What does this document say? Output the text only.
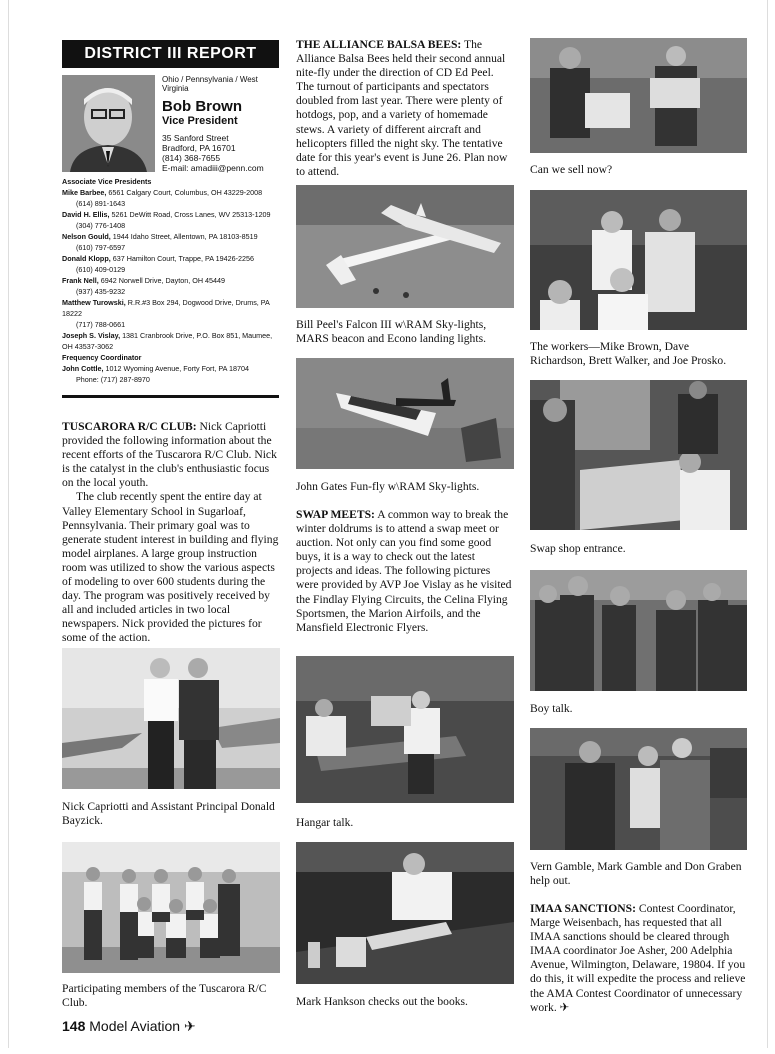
DISTRICT III REPORT
Ohio / Pennsylvania / West Virginia
Bob Brown
Vice President
35 Sanford Street
Bradford, PA 16701
(814) 368-7655
E-mail: amadiii@penn.com
Associate Vice Presidents
Mike Barbee, 6561 Calgary Court, Columbus, OH 43229-2008
(614) 891-1643
David H. Ellis, 5261 DeWitt Road, Cross Lanes, WV 25313-1209
(304) 776-1408
Nelson Gould, 1944 Idaho Street, Allentown, PA 18103-8519
(610) 797-6597
Donald Klopp, 637 Hamilton Court, Trappe, PA 19426-2256
(610) 409-0129
Frank Nell, 6942 Norwell Drive, Dayton, OH 45449
(937) 435-9232
Matthew Turowski, R.R.#3 Box 294, Dogwood Drive, Drums, PA 18222
(717) 788-0661
Joseph S. Vislay, 1381 Cranbrook Drive, P.O. Box 851, Maumee, OH 43537-3062
Frequency Coordinator
John Cottle, 1012 Wyoming Avenue, Forty Fort, PA 18704
Phone: (717) 287-8970

TUSCARORA R/C CLUB: Nick Capriotti provided the following information about the recent efforts of the Tuscarora R/C Club. Nick is the catalyst in the club's enthusiastic focus on the local youth.

The club recently spent the entire day at Valley Elementary School in Sugarloaf, Pennsylvania. Their primary goal was to generate student interest in building and flying model airplanes. A large group instruction room was utilized to show the various aspects of modeling to over 600 students during the day. The program was positively received by all and included articles in two local newspapers. Nick provided the pictures for some of the action.

Nick Capriotti and Assistant Principal Donald Bayzick.
Participating members of the Tuscarora R/C Club.
148 Model Aviation ✈

THE ALLIANCE BALSA BEES: The Alliance Balsa Bees held their second annual nite-fly under the direction of CD Ed Peel. The turnout of participants and spectators doubled from last year. There were plenty of hotdogs, pop, and a variety of homemade stews. A variety of different aircraft and helicopters filled the night sky. The tentative date for this year's event is June 26. Plan now to attend.

Bill Peel's Falcon III w\RAM Sky-lights, MARS beacon and Econo landing lights.
John Gates Fun-fly w\RAM Sky-lights.

SWAP MEETS: A common way to break the winter doldrums is to attend a swap meet or auction. Not only can you find some good buys, it is a way to check out the latest projects and ideas. The following pictures were provided by AVP Joe Vislay as he visited the Findlay Flying Circuits, the Celina Flying Sportsmen, the Marion Airfoils, and the Mansfield Electronic Flyers.

Hangar talk.
Mark Hankson checks out the books.
Can we sell now?
The workers—Mike Brown, Dave Richardson, Brett Walker, and Joe Prosko.
Swap shop entrance.
Boy talk.
Vern Gamble, Mark Gamble and Don Graben help out.

IMAA SANCTIONS: Contest Coordinator, Marge Weisenbach, has requested that all IMAA sanctions should be cleared through IMAA coordinator Joe Asher, 200 Adelphia Avenue, Wilmington, Delaware, 19804. If you do this, it will expedite the process and relieve the AMA Contest Coordinator of unnecessary work. ✈
